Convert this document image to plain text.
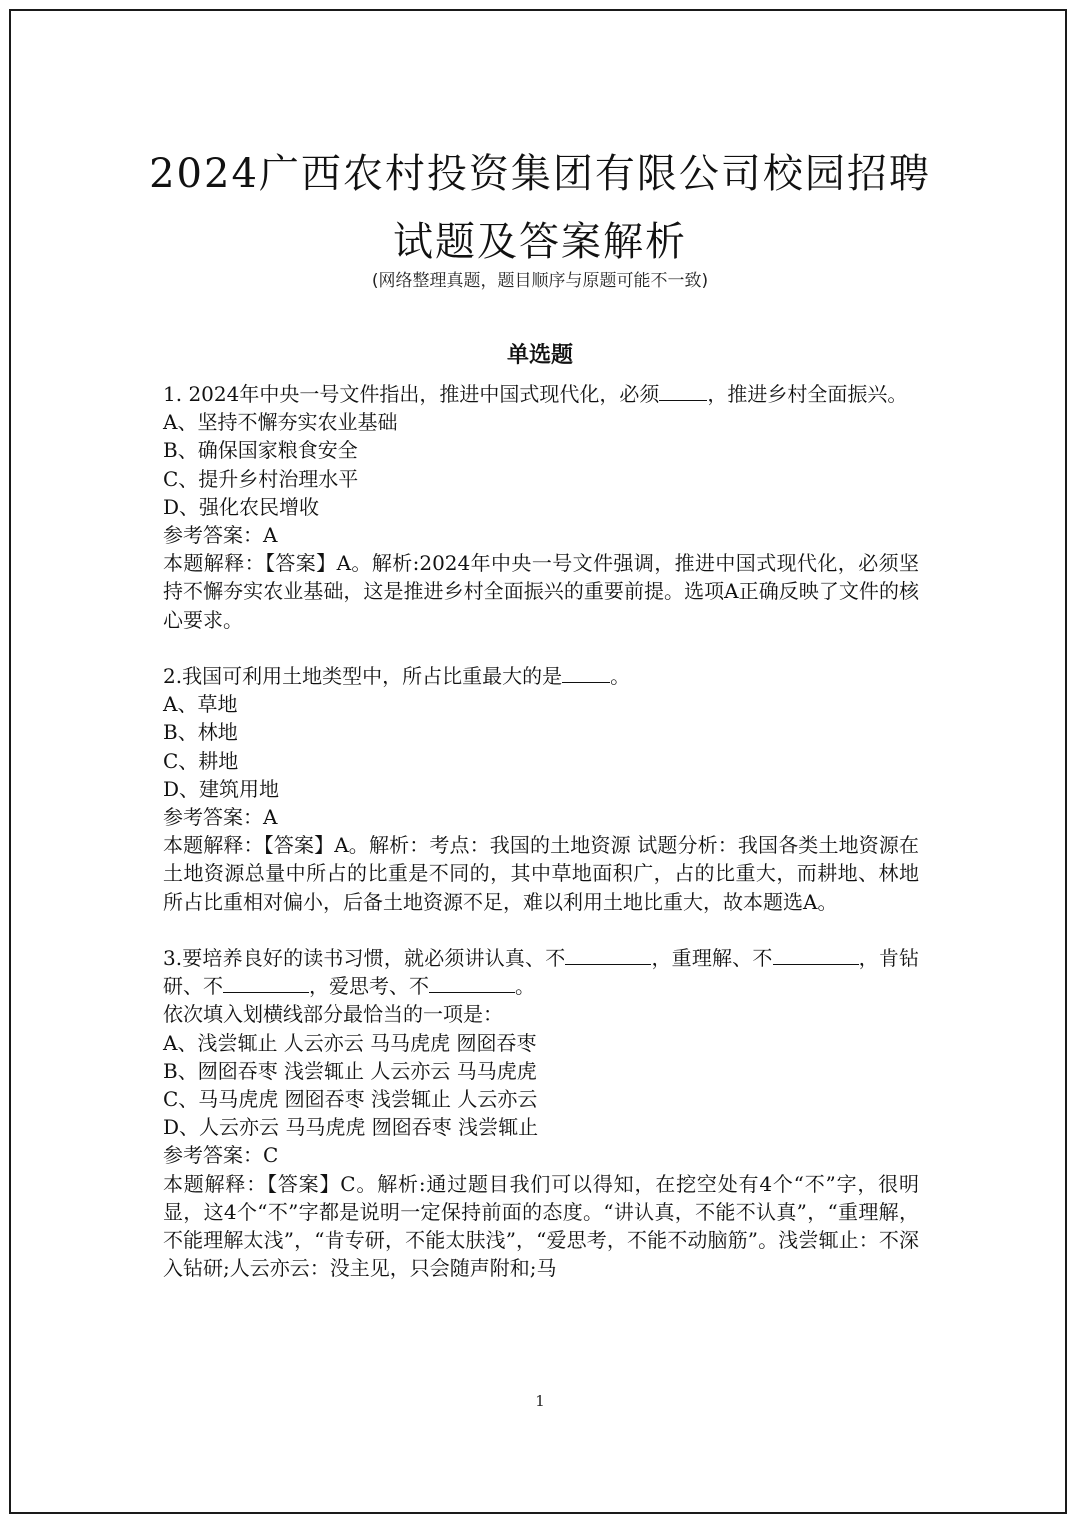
2024广西农村投资集团有限公司校园招聘
试题及答案解析
(网络整理真题，题目顺序与原题可能不一致)
单选题

1. 2024年中央一号文件指出，推进中国式现代化，必须 ，推进乡村全面振兴。

A、坚持不懈夯实农业基础

B、确保国家粮食安全

C、提升乡村治理水平

D、强化农民增收

参考答案：A

本题解释：【答案】A。解析:2024年中央一号文件强调，推进中国式现代化，必须坚持不懈夯实农业基础，这是推进乡村全面振兴的重要前提。选项A正确反映了文件的核心要求。

2.我国可利用土地类型中，所占比重最大的是 。

A、草地

B、林地

C、耕地

D、建筑用地

参考答案：A

本题解释：【答案】A。解析：考点：我国的土地资源 试题分析：我国各类土地资源在土地资源总量中所占的比重是不同的，其中草地面积广，占的比重大，而耕地、林地所占比重相对偏小，后备土地资源不足，难以利用土地比重大，故本题选A。

3.要培养良好的读书习惯，就必须讲认真、不	，重理解、不	，肯钻研、不	，爱思考、不	。

依次填入划横线部分最恰当的一项是：

A、浅尝辄止 人云亦云 马马虎虎 囫囵吞枣

B、囫囵吞枣 浅尝辄止 人云亦云 马马虎虎

C、马马虎虎 囫囵吞枣 浅尝辄止 人云亦云

D、人云亦云 马马虎虎 囫囵吞枣 浅尝辄止

参考答案：C

本题解释：【答案】C。解析:通过题目我们可以得知，在挖空处有4个“不”字，很明显，这4个“不”字都是说明一定保持前面的态度。“讲认真，不能不认真”，“重理解，不能理解太浅”，“肯专研，不能太肤浅”，“爱思考，不能不动脑筋”。浅尝辄止：不深入钻研;人云亦云：没主见，只会随声附和;马

1
